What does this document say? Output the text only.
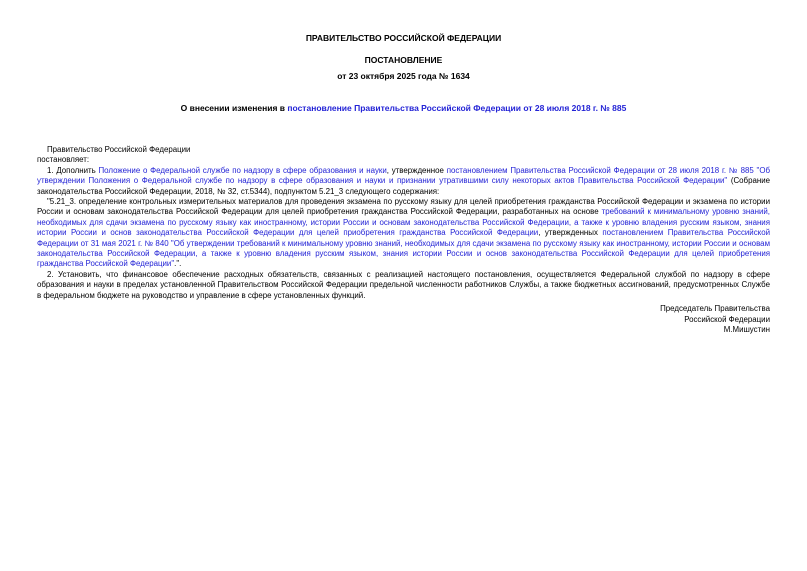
ПРАВИТЕЛЬСТВО РОССИЙСКОЙ ФЕДЕРАЦИИ
ПОСТАНОВЛЕНИЕ
от 23 октября 2025 года № 1634
О внесении изменения в постановление Правительства Российской Федерации от 28 июля 2018 г. № 885
Правительство Российской Федерации
постановляет:

1. Дополнить Положение о Федеральной службе по надзору в сфере образования и науки, утвержденное постановлением Правительства Российской Федерации от 28 июля 2018 г. № 885 "Об утверждении Положения о Федеральной службе по надзору в сфере образования и науки и признании утратившими силу некоторых актов Правительства Российской Федерации" (Собрание законодательства Российской Федерации, 2018, № 32, ст.5344), подпунктом 5.21_3 следующего содержания:

"5.21_3. определение контрольных измерительных материалов для проведения экзамена по русскому языку для целей приобретения гражданства Российской Федерации и экзамена по истории России и основам законодательства Российской Федерации для целей приобретения гражданства Российской Федерации, разработанных на основе требований к минимальному уровню знаний, необходимых для сдачи экзамена по русскому языку как иностранному, истории России и основам законодательства Российской Федерации, а также к уровню владения русским языком, знания истории России и основ законодательства Российской Федерации для целей приобретения гражданства Российской Федерации, утвержденных постановлением Правительства Российской Федерации от 31 мая 2021 г. № 840 "Об утверждении требований к минимальному уровню знаний, необходимых для сдачи экзамена по русскому языку как иностранному, истории России и основам законодательства Российской Федерации, а также к уровню владения русским языком, знания истории России и основ законодательства Российской Федерации для целей приобретения гражданства Российской Федерации".".

2. Установить, что финансовое обеспечение расходных обязательств, связанных с реализацией настоящего постановления, осуществляется Федеральной службой по надзору в сфере образования и науки в пределах установленной Правительством Российской Федерации предельной численности работников Службы, а также бюджетных ассигнований, предусмотренных Службе в федеральном бюджете на руководство и управление в сфере установленных функций.

Председатель Правительства
Российской Федерации
М.Мишустин
